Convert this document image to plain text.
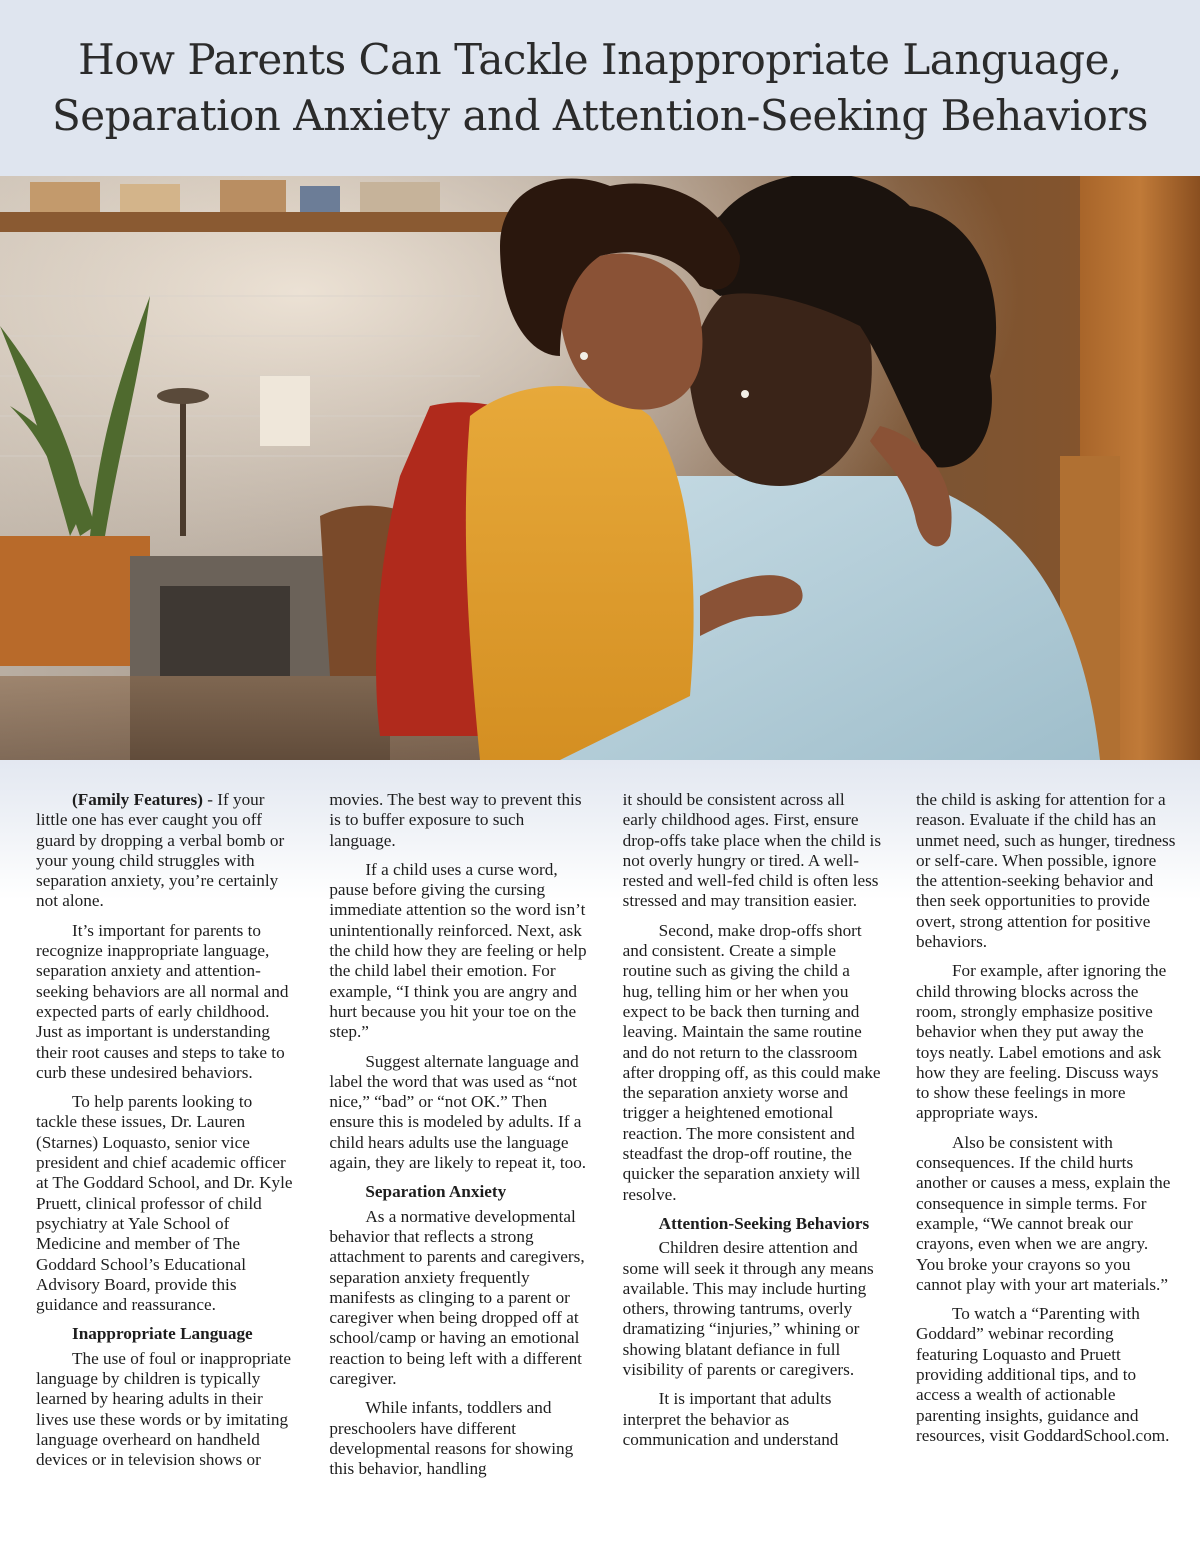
How Parents Can Tackle Inappropriate Language,
Separation Anxiety and Attention-Seeking Behaviors

(Family Features) - If your little one has ever caught you off guard by dropping a verbal bomb or your young child struggles with separation anxiety, you’re certainly not alone.

It’s important for parents to recognize inappropriate language, separation anxiety and attention-seeking behaviors are all normal and expected parts of early childhood. Just as important is understanding their root causes and steps to take to curb these undesired behaviors.

To help parents looking to tackle these issues, Dr. Lauren (Starnes) Loquasto, senior vice president and chief academic officer at The Goddard School, and Dr. Kyle Pruett, clinical professor of child psychiatry at Yale School of Medicine and member of The Goddard School’s Educational Advisory Board, provide this guidance and reassurance.

Inappropriate Language

The use of foul or inappropriate language by children is typically learned by hearing adults in their lives use these words or by imitating language overheard on handheld devices or in television shows or

movies. The best way to prevent this is to buffer exposure to such language.

If a child uses a curse word, pause before giving the cursing immediate attention so the word isn’t unintentionally reinforced. Next, ask the child how they are feeling or help the child label their emotion. For example, “I think you are angry and hurt because you hit your toe on the step.”

Suggest alternate language and label the word that was used as “not nice,” “bad” or “not OK.” Then ensure this is modeled by adults. If a child hears adults use the language again, they are likely to repeat it, too.

Separation Anxiety

As a normative developmental behavior that reflects a strong attachment to parents and caregivers, separation anxiety frequently manifests as clinging to a parent or caregiver when being dropped off at school/camp or having an emotional reaction to being left with a different caregiver.

While infants, toddlers and preschoolers have different developmental reasons for showing this behavior, handling

it should be consistent across all early childhood ages. First, ensure drop-offs take place when the child is not overly hungry or tired. A well-rested and well-fed child is often less stressed and may transition easier.

Second, make drop-offs short and consistent. Create a simple routine such as giving the child a hug, telling him or her when you expect to be back then turning and leaving. Maintain the same routine and do not return to the classroom after dropping off, as this could make the separation anxiety worse and trigger a heightened emotional reaction. The more consistent and steadfast the drop-off routine, the quicker the separation anxiety will resolve.

Attention-Seeking Behaviors

Children desire attention and some will seek it through any means available. This may include hurting others, throwing tantrums, overly dramatizing “injuries,” whining or showing blatant defiance in full visibility of parents or caregivers.

It is important that adults interpret the behavior as communication and understand

the child is asking for attention for a reason. Evaluate if the child has an unmet need, such as hunger, tiredness or self-care. When possible, ignore the attention-seeking behavior and then seek opportunities to provide overt, strong attention for positive behaviors.

For example, after ignoring the child throwing blocks across the room, strongly emphasize positive behavior when they put away the toys neatly. Label emotions and ask how they are feeling. Discuss ways to show these feelings in more appropriate ways.

Also be consistent with consequences. If the child hurts another or causes a mess, explain the consequence in simple terms. For example, “We cannot break our crayons, even when we are angry. You broke your crayons so you cannot play with your art materials.”

To watch a “Parenting with Goddard” webinar recording featuring Loquasto and Pruett providing additional tips, and to access a wealth of actionable parenting insights, guidance and resources, visit GoddardSchool.com.
